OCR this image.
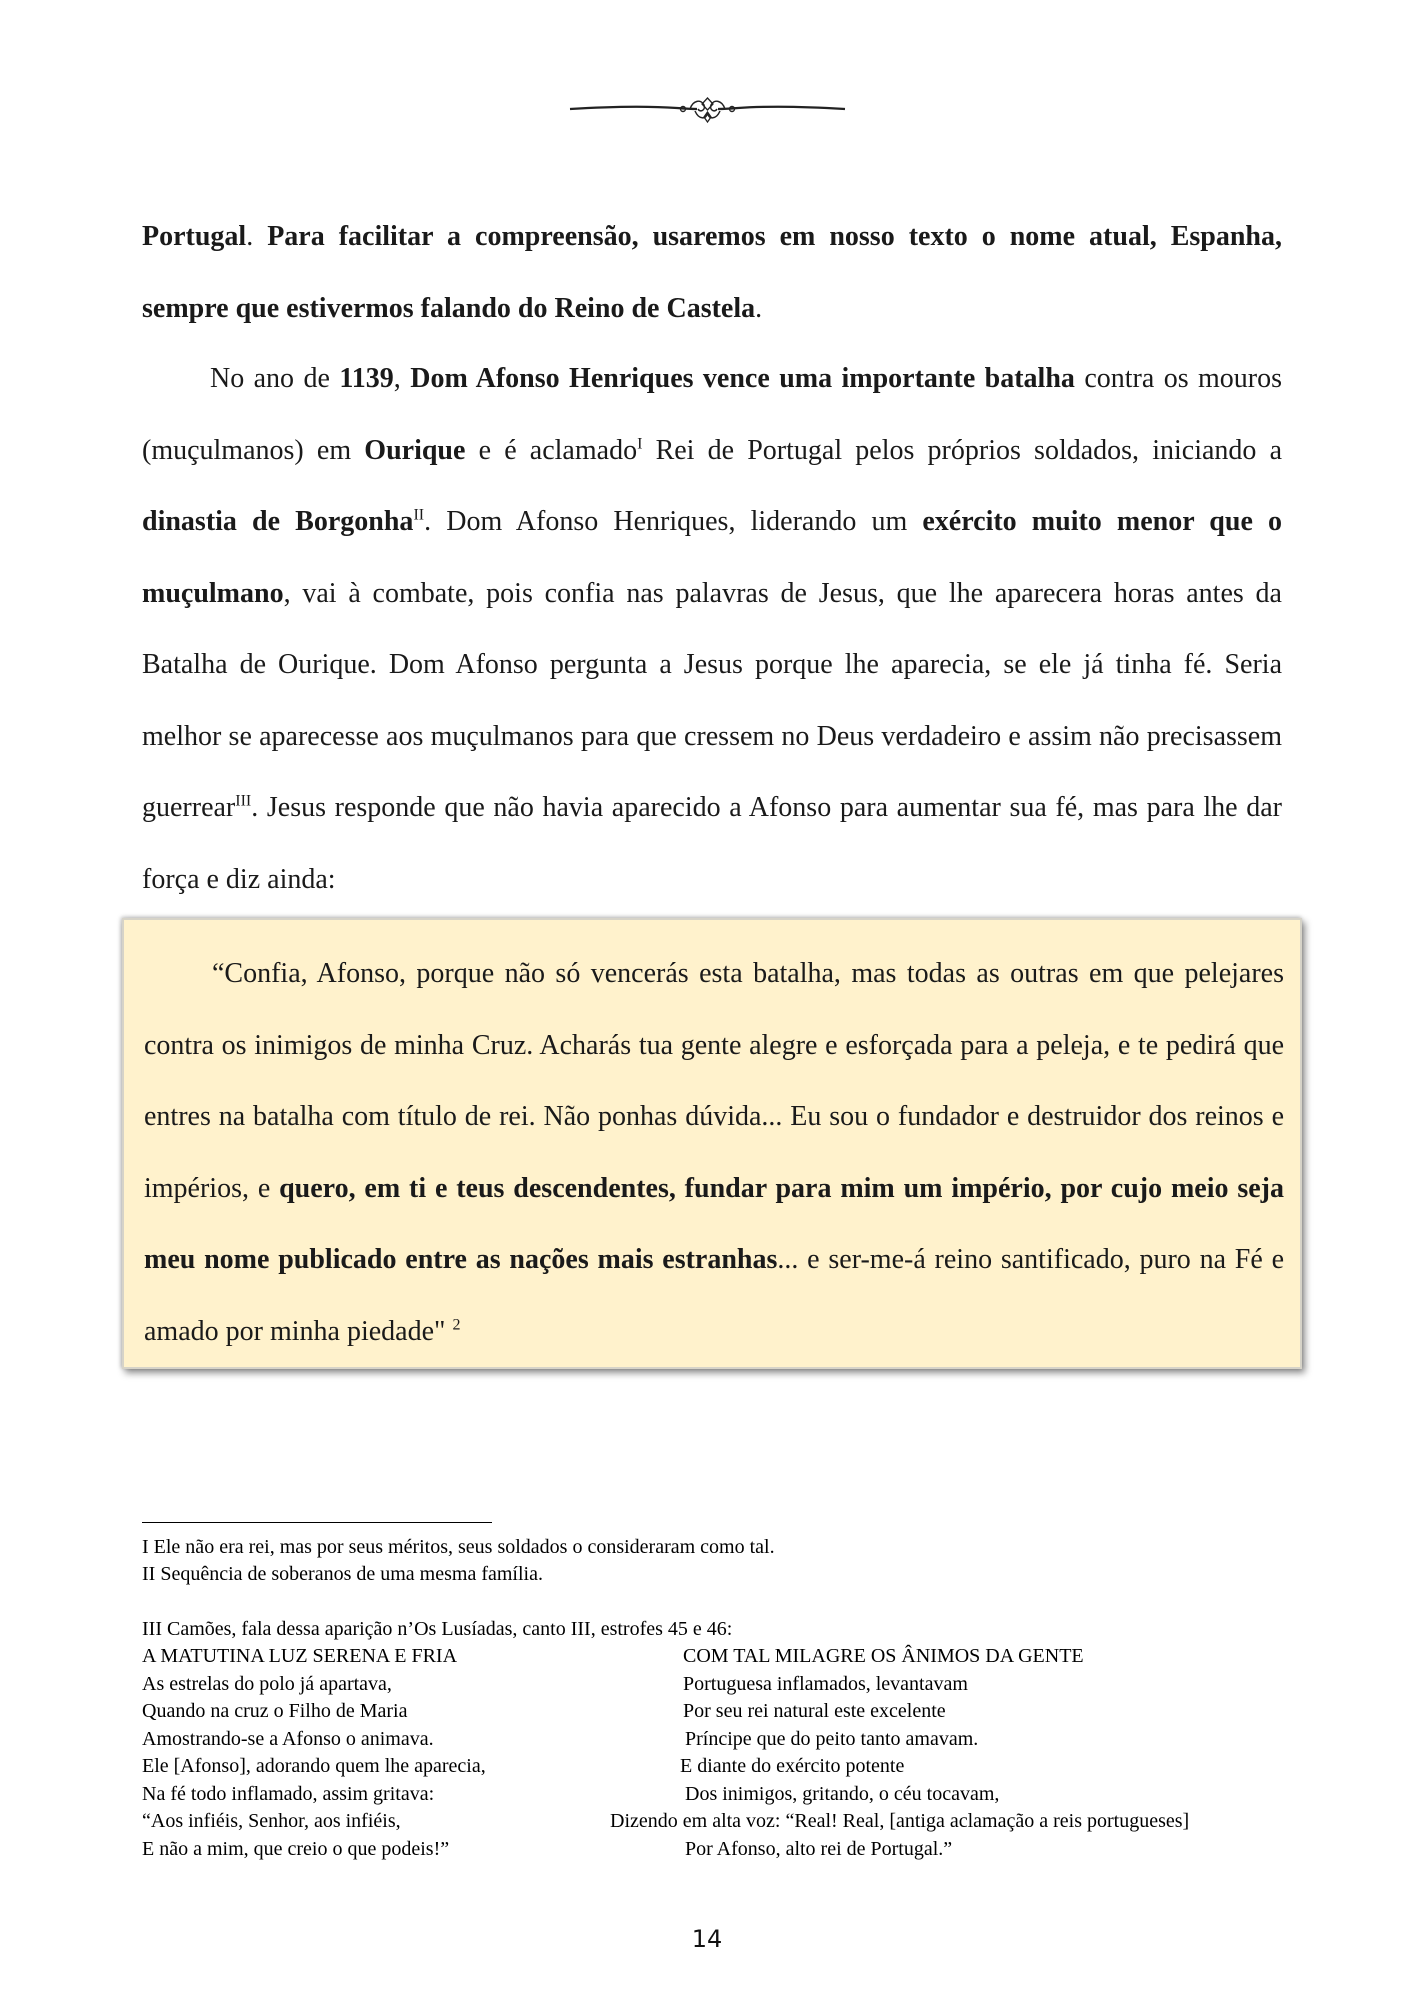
Portugal. Para facilitar a compreensão, usaremos em nosso texto o nome atual, Espanha, sempre que estivermos falando do Reino de Castela.
No ano de 1139, Dom Afonso Henriques vence uma importante batalha contra os mouros (muçulmanos) em Ourique e é aclamado$^I$ Rei de Portugal pelos próprios soldados, iniciando a dinastia de Borgonha$^{II}$. Dom Afonso Henriques, liderando um exército muito menor que o muçulmano, vai à combate, pois confia nas palavras de Jesus, que lhe aparecera horas antes da Batalha de Ourique. Dom Afonso pergunta a Jesus porque lhe aparecia, se ele já tinha fé. Seria melhor se aparecesse aos muçulmanos para que cressem no Deus verdadeiro e assim não precisassem guerrear$^{III}$. Jesus responde que não havia aparecido a Afonso para aumentar sua fé, mas para lhe dar força e diz ainda:
“Confia, Afonso, porque não só vencerás esta batalha, mas todas as outras em que pelejares contra os inimigos de minha Cruz. Acharás tua gente alegre e esforçada para a peleja, e te pedirá que entres na batalha com título de rei. Não ponhas dúvida... Eu sou o fundador e destruidor dos reinos e impérios, e quero, em ti e teus descendentes, fundar para mim um império, por cujo meio seja meu nome publicado entre as nações mais estranhas... e ser-me-á reino santificado, puro na Fé e amado por minha piedade" $^2$
I Ele não era rei, mas por seus méritos, seus soldados o consideraram como tal.
II Sequência de soberanos de uma mesma família.
III Camões, fala dessa aparição n’Os Lusíadas, canto III, estrofes 45 e 46:
A MATUTINA LUZ SERENA E FRIA
As estrelas do polo já apartava,
Quando na cruz o Filho de Maria
Amostrando-se a Afonso o animava.
Ele [Afonso], adorando quem lhe aparecia,
Na fé todo inflamado, assim gritava:
“Aos infiéis, Senhor, aos infiéis,
E não a mim, que creio o que podeis!”
COM TAL MILAGRE OS ÂNIMOS DA GENTE
Portuguesa inflamados, levantavam
Por seu rei natural este excelente
Príncipe que do peito tanto amavam.
E diante do exército potente
Dos inimigos, gritando, o céu tocavam,
Dizendo em alta voz: “Real! Real, [antiga aclamação a reis portugueses]
Por Afonso, alto rei de Portugal.”
14
